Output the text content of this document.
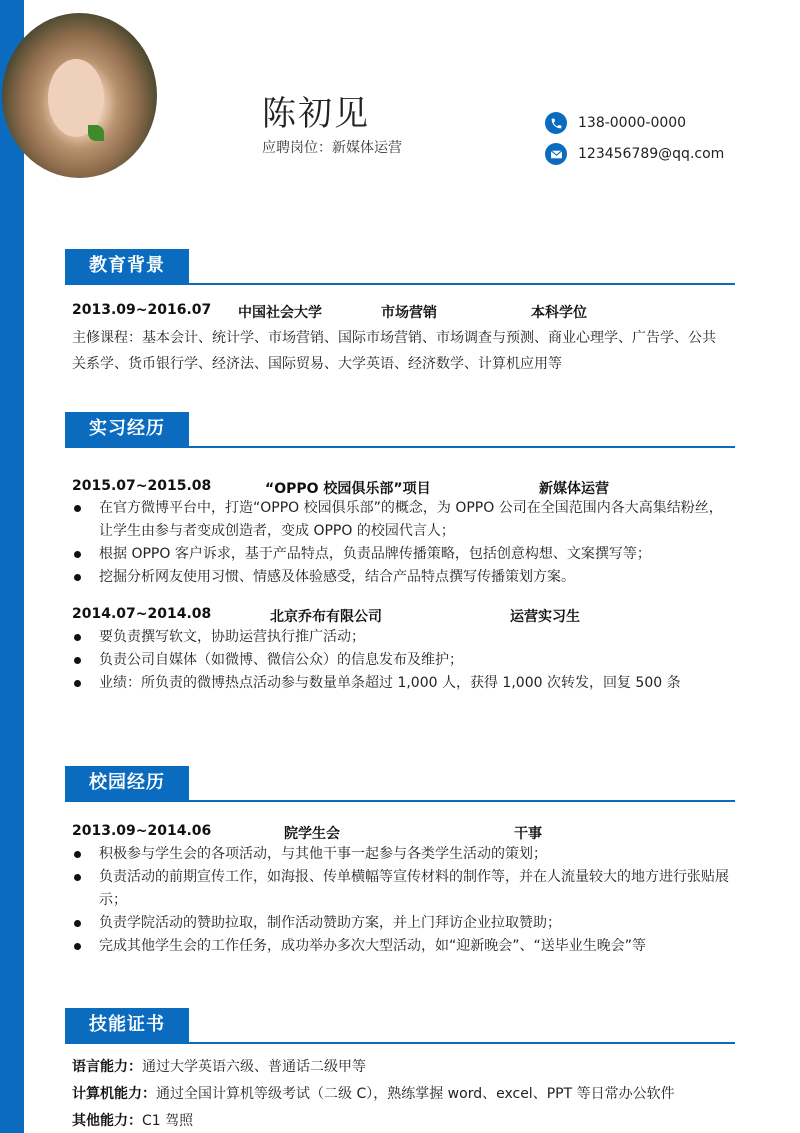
陈初见
应聘岗位：新媒体运营
138-0000-0000
123456789@qq.com
教育背景
2013.09~2016.07 中国社会大学	市场营销	本科学位
主修课程：基本会计、统计学、市场营销、国际市场营销、市场调查与预测、商业心理学、广告学、公共
关系学、货币银行学、经济法、国际贸易、大学英语、经济数学、计算机应用等
实习经历
2015.07~2015.08	“OPPO 校园俱乐部”项目	新媒体运营
在官方微博平台中，打造“OPPO 校园俱乐部”的概念，为 OPPO 公司在全国范围内各大高集结粉丝，让学生由参与者变成创造者，变成 OPPO 的校园代言人；
根据 OPPO 客户诉求，基于产品特点，负责品牌传播策略，包括创意构想、文案撰写等；
挖掘分析网友使用习惯、情感及体验感受，结合产品特点撰写传播策划方案。
2014.07~2014.08	北京乔布有限公司	运营实习生
要负责撰写软文，协助运营执行推广活动；
负责公司自媒体（如微博、微信公众）的信息发布及维护；
业绩：所负责的微博热点活动参与数量单条超过 1,000 人，获得 1,000 次转发，回复 500 条
校园经历
2013.09~2014.06	院学生会	干事
积极参与学生会的各项活动，与其他干事一起参与各类学生活动的策划；
负责活动的前期宣传工作，如海报、传单横幅等宣传材料的制作等，并在人流量较大的地方进行张贴展示；
负责学院活动的赞助拉取，制作活动赞助方案，并上门拜访企业拉取赞助；
完成其他学生会的工作任务，成功举办多次大型活动，如“迎新晚会”、“送毕业生晚会”等
技能证书
语言能力：通过大学英语六级、普通话二级甲等
计算机能力：通过全国计算机等级考试（二级 C），熟练掌握 word、excel、PPT 等日常办公软件
其他能力：C1 驾照
